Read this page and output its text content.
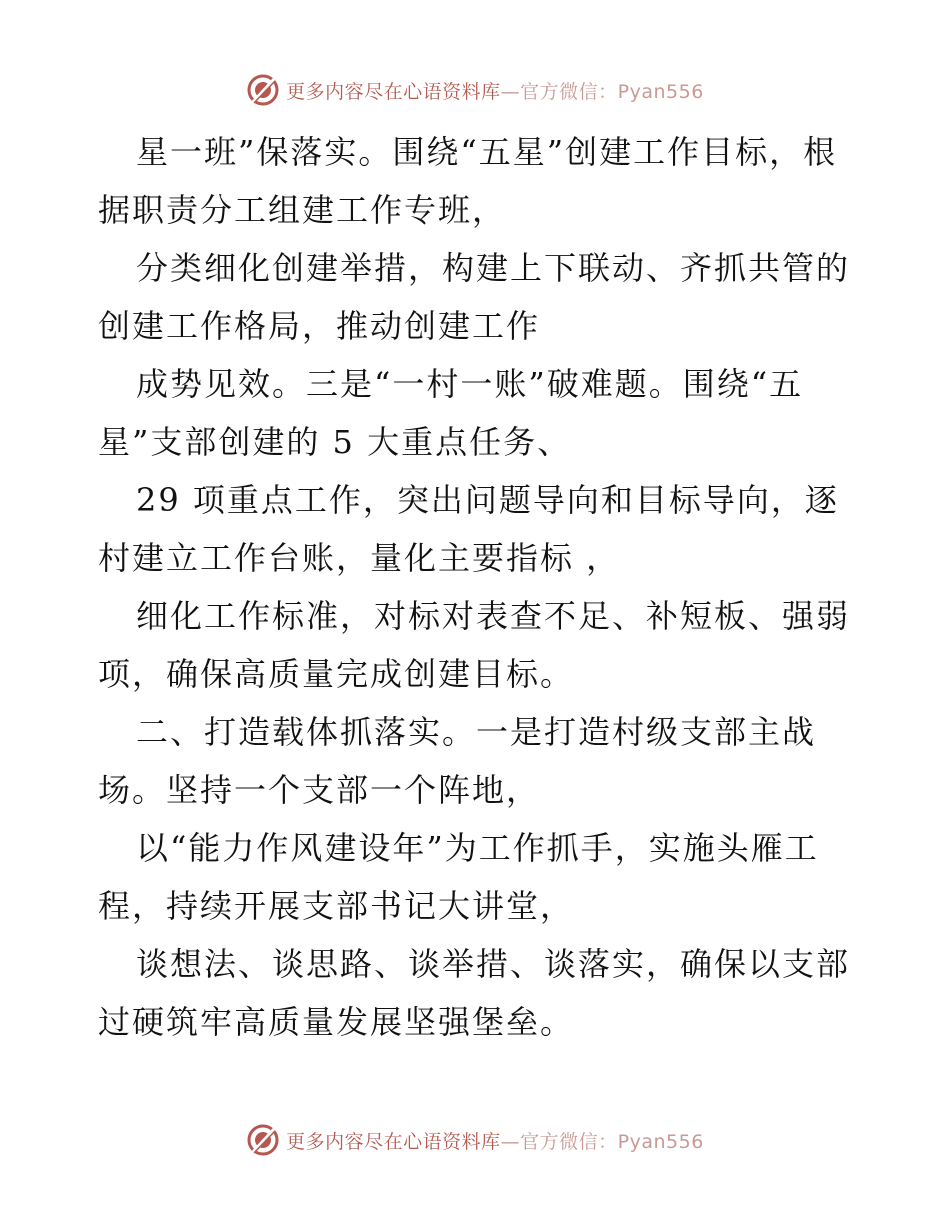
更多内容尽在心语资料库 —官方微信：Pyan556

星一班”保落实。围绕“五星”创建工作目标，根据职责分工组建工作专班，

分类细化创建举措，构建上下联动、齐抓共管的创建工作格局，推动创建工作

成势见效。三是“一村一账”破难题。围绕“五星”支部创建的 5 大重点任务、

29 项重点工作，突出问题导向和目标导向，逐村建立工作台账，量化主要指标 ，

细化工作标准，对标对表查不足、补短板、强弱项，确保高质量完成创建目标。

二、打造载体抓落实。一是打造村级支部主战场。坚持一个支部一个阵地，

以“能力作风建设年”为工作抓手，实施头雁工程，持续开展支部书记大讲堂，

谈想法、谈思路、谈举措、谈落实，确保以支部过硬筑牢高质量发展坚强堡垒。

更多内容尽在心语资料库 —官方微信：Pyan556
